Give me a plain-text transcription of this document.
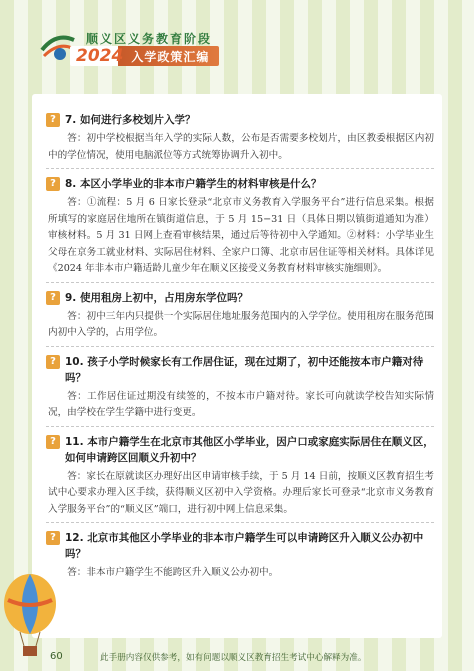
顺义区义务教育阶段
2024 入学政策汇编
? 7. 如何进行多校划片入学？
答：初中学校根据当年入学的实际人数，公布是否需要多校划片，由区教委根据区内初中的学位情况，使用电脑派位等方式统筹协调升入初中。
? 8. 本区小学毕业的非本市户籍学生的材料审核是什么？
答：①流程：5 月 6 日家长登录“北京市义务教育入学服务平台”进行信息采集。根据所填写的家庭居住地所在镇街道信息，于 5 月 15−31 日（具体日期以镇街道通知为准）审核材料。5 月 31 日网上查看审核结果，通过后等待初中入学通知。②材料：小学毕业生父母在京务工就业材料、实际居住材料、全家户口簿、北京市居住证等相关材料。具体详见《2024 年非本市户籍适龄儿童少年在顺义区接受义务教育材料审核实施细则》。
? 9. 使用租房上初中，占用房东学位吗？
答：初中三年内只提供一个实际居住地址服务范围内的入学学位。使用租房在服务范围内初中入学的，占用学位。
? 10. 孩子小学时候家长有工作居住证，现在过期了，初中还能按本市户籍对待吗？
答：工作居住证过期没有续签的，不按本市户籍对待。家长可向就读学校告知实际情况，由学校在学生学籍中进行变更。
? 11. 本市户籍学生在北京市其他区小学毕业，因户口或家庭实际居住在顺义区，如何申请跨区回顺义升初中？
答：家长在原就读区办理好出区申请审核手续，于 5 月 14 日前，按顺义区教育招生考试中心要求办理入区手续，获得顺义区初中入学资格。办理后家长可登录“北京市义务教育入学服务平台”的“顺义区”端口，进行初中网上信息采集。
? 12. 北京市其他区小学毕业的非本市户籍学生可以申请跨区升入顺义公办初中吗？
答：非本市户籍学生不能跨区升入顺义公办初中。
60	此手册内容仅供参考，如有问题以顺义区教育招生考试中心解释为准。
